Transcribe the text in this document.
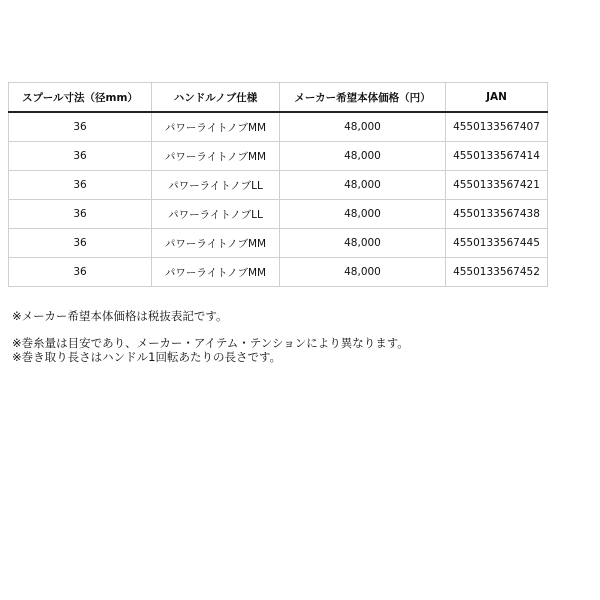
スプール寸法（径mm）	ハンドルノブ仕様	メーカー希望本体価格（円）	JAN
36	パワーライトノブMM	48,000	4550133567407
36	パワーライトノブMM	48,000	4550133567414
36	パワーライトノブLL	48,000	4550133567421
36	パワーライトノブLL	48,000	4550133567438
36	パワーライトノブMM	48,000	4550133567445
36	パワーライトノブMM	48,000	4550133567452
※メーカー希望本体価格は税抜表記です。
※巻糸量は目安であり、メーカー・アイテム・テンションにより異なります。
※巻き取り長さはハンドル1回転あたりの長さです。
